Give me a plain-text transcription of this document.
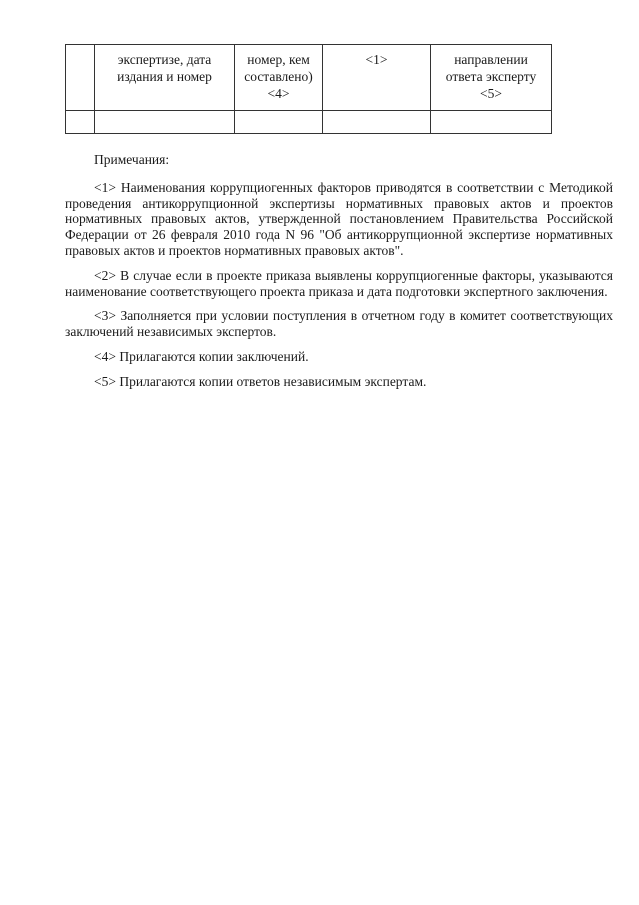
	экспертизе, дата издания и номер	номер, кем составлено) <4>	<1>	направлении ответа эксперту <5>

Примечания:

<1> Наименования коррупциогенных факторов приводятся в соответствии с Методикой проведения антикоррупционной экспертизы нормативных правовых актов и проектов нормативных правовых актов, утвержденной постановлением Правительства Российской Федерации от 26 февраля 2010 года N 96 "Об антикоррупционной экспертизе нормативных правовых актов и проектов нормативных правовых актов".

<2> В случае если в проекте приказа выявлены коррупциогенные факторы, указываются наименование соответствующего проекта приказа и дата подготовки экспертного заключения.

<3> Заполняется при условии поступления в отчетном году в комитет соответствующих заключений независимых экспертов.

<4> Прилагаются копии заключений.

<5> Прилагаются копии ответов независимым экспертам.
